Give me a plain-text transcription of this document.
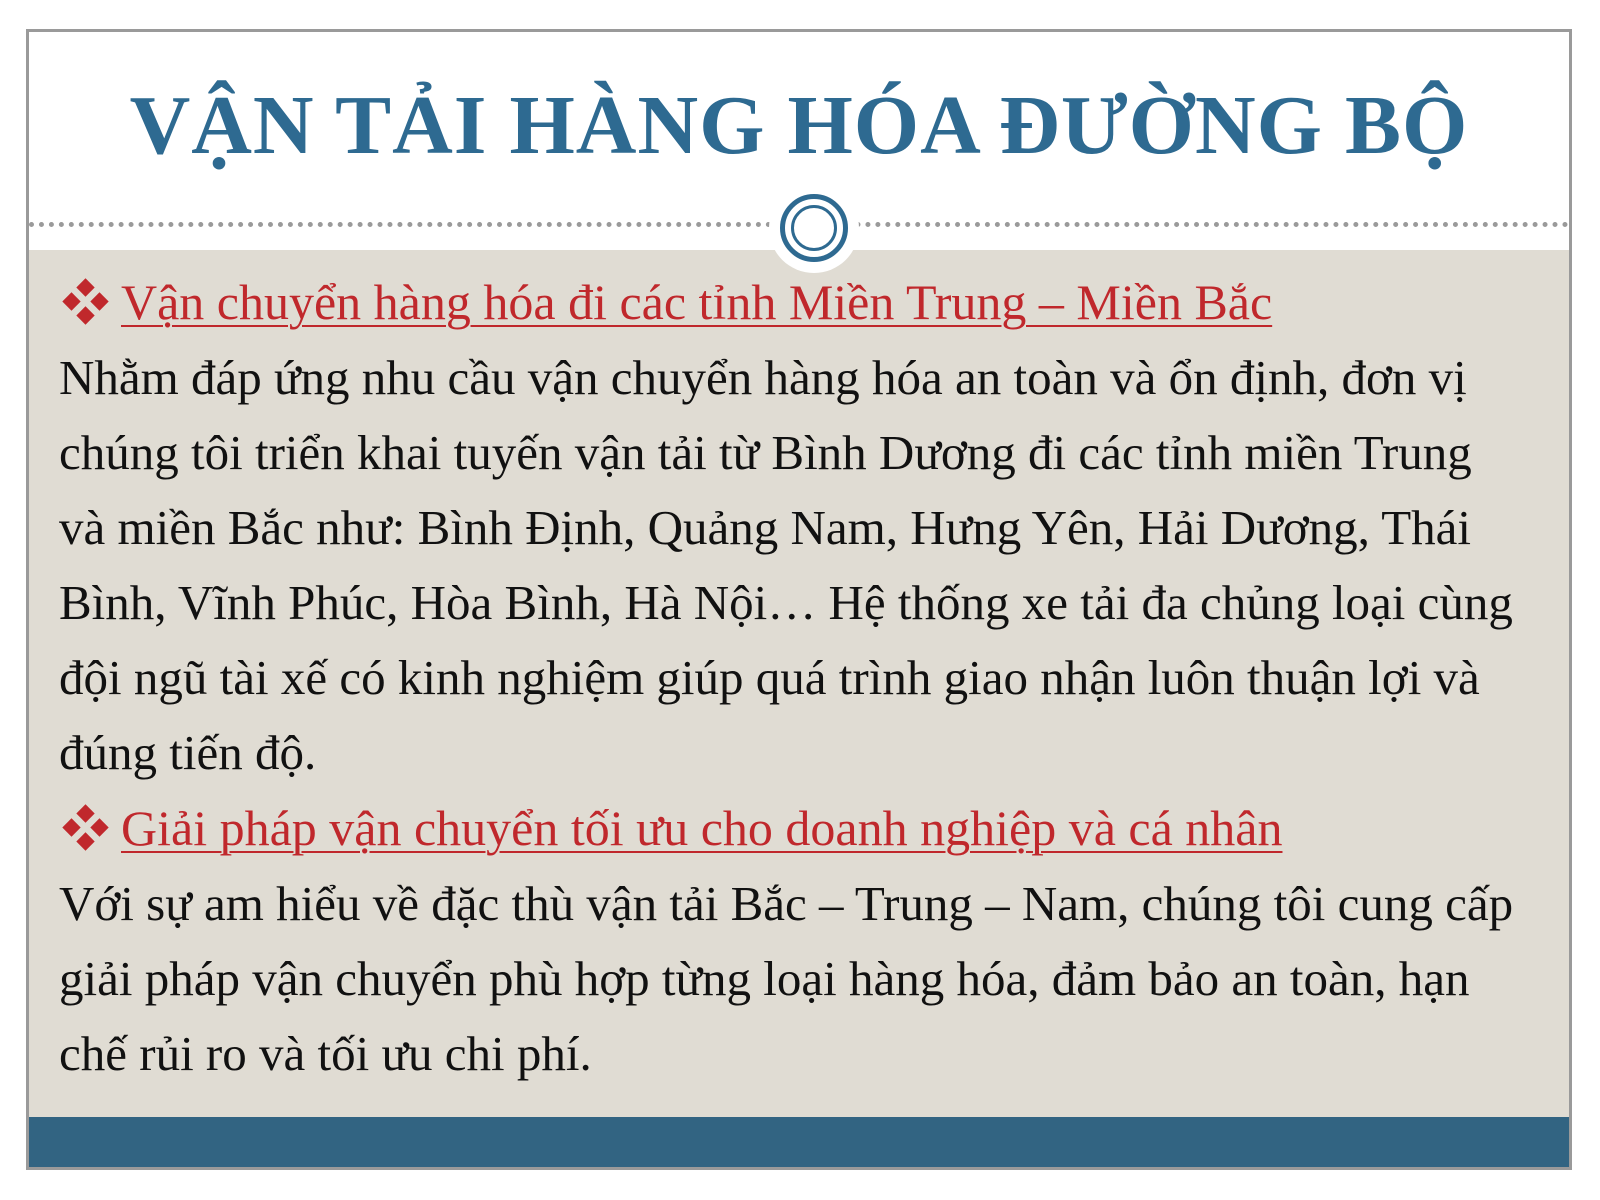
VẬN TẢI HÀNG HÓA ĐƯỜNG BỘ
Vận chuyển hàng hóa đi các tỉnh Miền Trung – Miền Bắc

Nhằm đáp ứng nhu cầu vận chuyển hàng hóa an toàn và ổn định, đơn vị chúng tôi triển khai tuyến vận tải từ Bình Dương đi các tỉnh miền Trung và miền Bắc như: Bình Định, Quảng Nam, Hưng Yên, Hải Dương, Thái Bình, Vĩnh Phúc, Hòa Bình, Hà Nội… Hệ thống xe tải đa chủng loại cùng đội ngũ tài xế có kinh nghiệm giúp quá trình giao nhận luôn thuận lợi và đúng tiến độ.

Giải pháp vận chuyển tối ưu cho doanh nghiệp và cá nhân

Với sự am hiểu về đặc thù vận tải Bắc – Trung – Nam, chúng tôi cung cấp giải pháp vận chuyển phù hợp từng loại hàng hóa, đảm bảo an toàn, hạn chế rủi ro và tối ưu chi phí.
